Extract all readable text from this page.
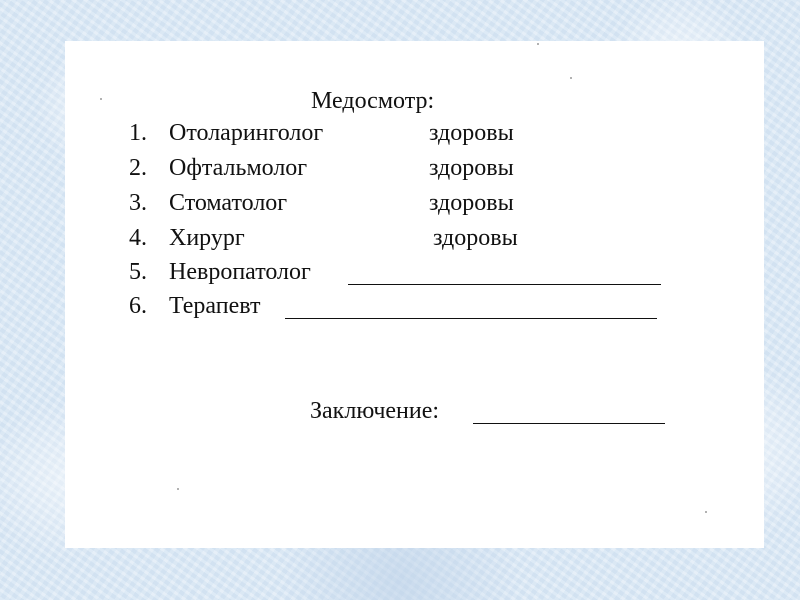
Медосмотр:
1. Отоларинголог	здоровы
2. Офтальмолог	здоровы
3. Стоматолог	здоровы
4. Хирург	здоровы
5. Невропатолог
6. Терапевт
Заключение:
